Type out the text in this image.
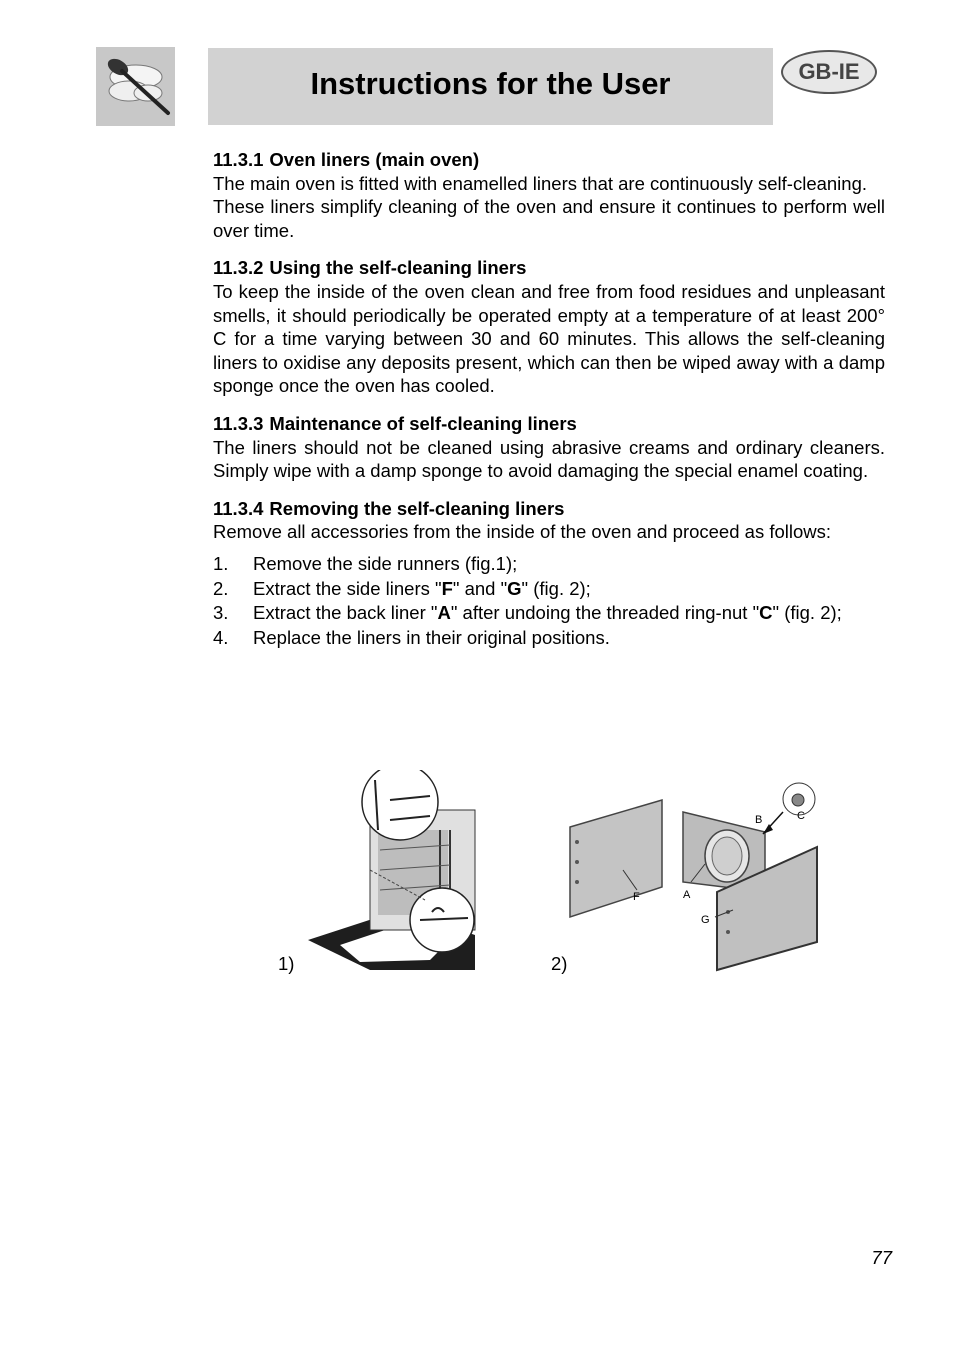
Instructions for the User	GB-IE
11.3.1 Oven liners (main oven)
The main oven is fitted with enamelled liners that are continuously self-cleaning.
These liners simplify cleaning of the oven and ensure it continues to perform well over time.
11.3.2 Using the self-cleaning liners
To keep the inside of the oven clean and free from food residues and unpleasant smells, it should periodically be operated empty at a temperature of at least 200° C for a time varying between 30 and 60 minutes. This allows the self-cleaning liners to oxidise any deposits present, which can then be wiped away with a damp sponge once the oven has cooled.
11.3.3 Maintenance of self-cleaning liners
The liners should not be cleaned using abrasive creams and ordinary cleaners. Simply wipe with a damp sponge to avoid damaging the special enamel coating.
11.3.4 Removing the self-cleaning liners
Remove all accessories from the inside of the oven and proceed as follows:
1. Remove the side runners (fig.1);
2. Extract the side liners "F" and "G" (fig. 2);
3. Extract the back liner "A" after undoing the threaded ring-nut "C" (fig. 2);
4. Replace the liners in their original positions.
1)
F	A
G
B	C
2)
77
